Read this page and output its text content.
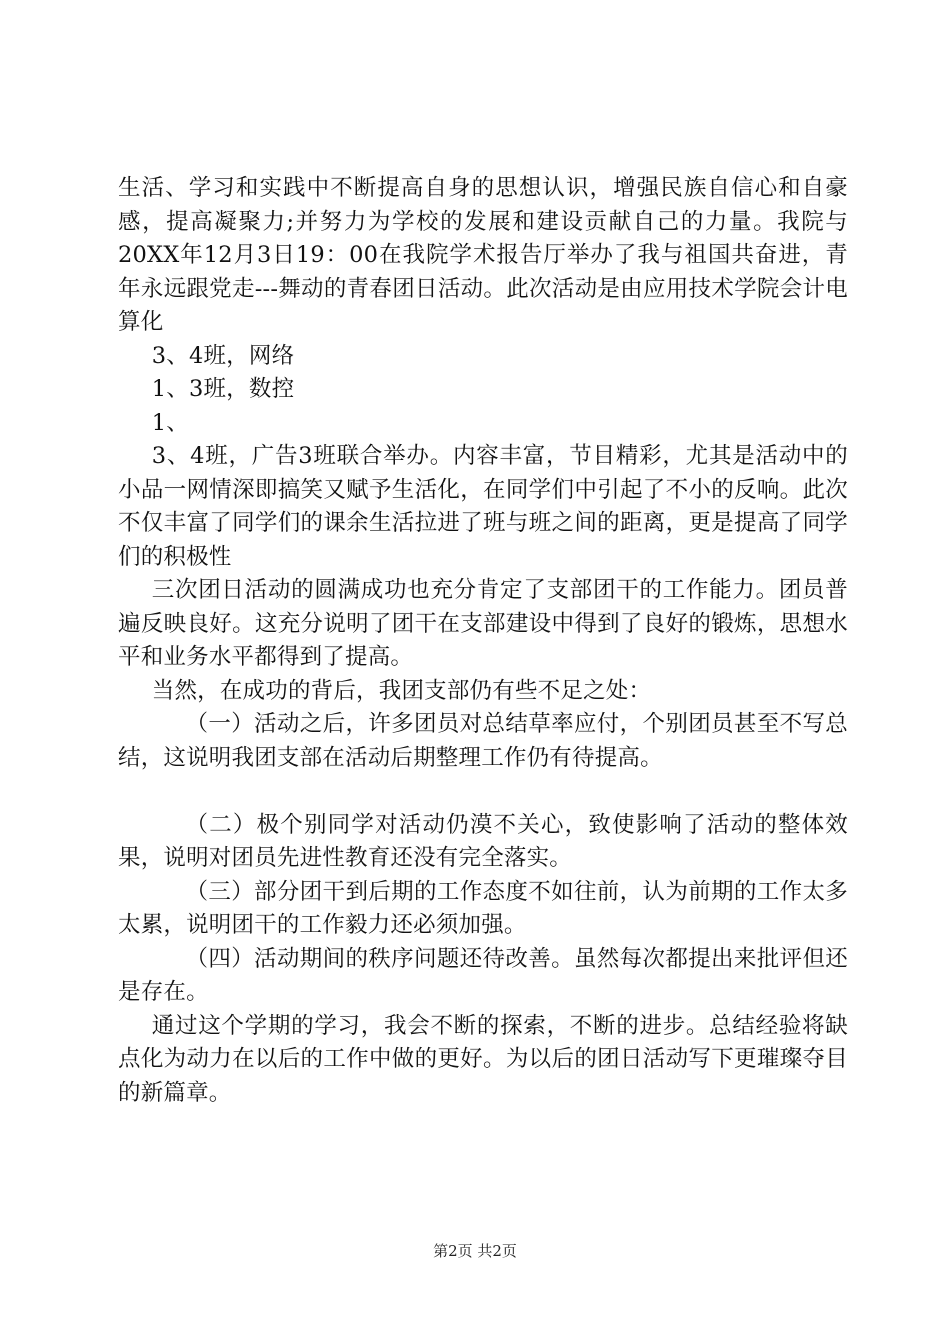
生活、学习和实践中不断提高自身的思想认识，增强民族自信心和自豪感，提高凝聚力;并努力为学校的发展和建设贡献自己的力量。我院与20XX年12月3日19：00在我院学术报告厅举办了我与祖国共奋进，青年永远跟党走---舞动的青春团日活动。此次活动是由应用技术学院会计电算化

3、4班，网络

1、3班，数控

1、

3、4班，广告3班联合举办。内容丰富，节目精彩，尤其是活动中的小品一网情深即搞笑又赋予生活化，在同学们中引起了不小的反响。此次不仅丰富了同学们的课余生活拉进了班与班之间的距离，更是提高了同学们的积极性

三次团日活动的圆满成功也充分肯定了支部团干的工作能力。团员普遍反映良好。这充分说明了团干在支部建设中得到了良好的锻炼，思想水平和业务水平都得到了提高。

当然，在成功的背后，我团支部仍有些不足之处：

（一）活动之后，许多团员对总结草率应付，个别团员甚至不写总结，这说明我团支部在活动后期整理工作仍有待提高。

（二）极个别同学对活动仍漠不关心，致使影响了活动的整体效果，说明对团员先进性教育还没有完全落实。

（三）部分团干到后期的工作态度不如往前，认为前期的工作太多太累，说明团干的工作毅力还必须加强。

（四）活动期间的秩序问题还待改善。虽然每次都提出来批评但还是存在。

通过这个学期的学习，我会不断的探索，不断的进步。总结经验将缺点化为动力在以后的工作中做的更好。为以后的团日活动写下更璀璨夺目的新篇章。

第2页 共2页
